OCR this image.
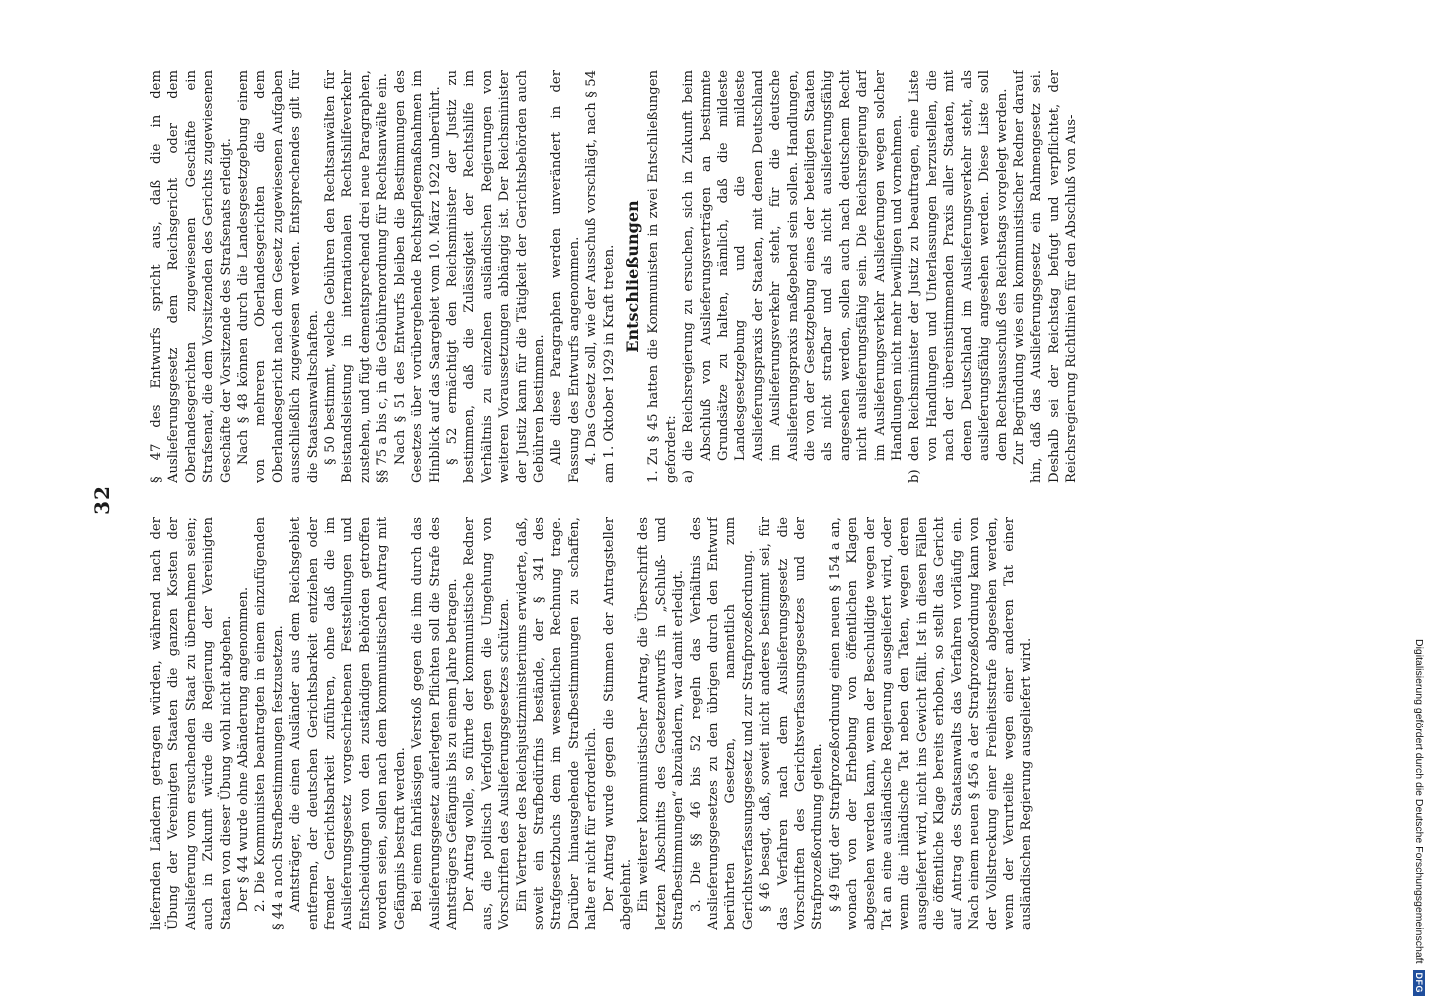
32

liefernden Ländern getragen würden, während nach der Übung der Vereinigten Staaten die ganzen Kosten der Auslieferung vom ersuchenden Staat zu übernehmen seien; auch in Zukunft würde die Regierung der Vereinigten Staaten von dieser Übung wohl nicht abgehen. Der § 44 wurde ohne Abänderung angenommen. 2. Die Kommunisten beantragten in einem einzufügenden § 44 a noch Strafbestimmungen festzusetzen. Amtsträger, die einen Ausländer aus dem Reichsgebiet entfernen, der deutschen Gerichtsbarkeit entziehen oder fremder Gerichtsbarkeit zuführen, ohne daß die im Auslieferungsgesetz vorgeschriebenen Feststellungen und Entscheidungen von den zuständigen Behörden getroffen worden seien, sollen nach dem kommunistischen Antrag mit Gefängnis bestraft werden. Bei einem fahrlässigen Verstoß gegen die ihm durch das Auslieferungsgesetz auferlegten Pflichten soll die Strafe des Amtsträgers Gefängnis bis zu einem Jahre betragen. Der Antrag wolle, so führte der kommunistische Redner aus, die politisch Verfolgten gegen die Umgehung von Vorschriften des Auslieferungsgesetzes schützen. Ein Vertreter des Reichsjustizministeriums erwiderte, daß, soweit ein Strafbedürfnis bestände, der § 341 des Strafgesetzbuchs dem im wesentlichen Rechnung trage. Darüber hinausgehende Strafbestimmungen zu schaffen, halte er nicht für erforderlich. Der Antrag wurde gegen die Stimmen der Antragsteller abgelehnt. Ein weiterer kommunistischer Antrag, die Überschrift des letzten Abschnitts des Gesetzentwurfs in „Schluß- und Strafbestimmungen“ abzuändern, war damit erledigt. 3. Die §§ 46 bis 52 regeln das Verhältnis des Auslieferungsgesetzes zu den übrigen durch den Entwurf berührten Gesetzen, namentlich zum Gerichtsverfassungsgesetz und zur Strafprozeßordnung. § 46 besagt, daß, soweit nicht anderes bestimmt sei, für das Verfahren nach dem Auslieferungsgesetz die Vorschriften des Gerichtsverfassungsgesetzes und der Strafprozeßordnung gelten. § 49 fügt der Strafprozeßordnung einen neuen § 154 a an, wonach von der Erhebung von öffentlichen Klagen abgesehen werden kann, wenn der Beschuldigte wegen der Tat an eine ausländische Regierung ausgeliefert wird, oder wenn die inländische Tat neben den Taten, wegen deren ausgeliefert wird, nicht ins Gewicht fällt. Ist in diesen Fällen die öffentliche Klage bereits erhoben, so stellt das Gericht auf Antrag des Staatsanwalts das Verfahren vorläufig ein. Nach einem neuen § 456 a der Strafprozeßordnung kann von der Vollstreckung einer Freiheitsstrafe abgesehen werden, wenn der Verurteilte wegen einer anderen Tat einer ausländischen Regierung ausgeliefert wird.

§ 47 des Entwurfs spricht aus, daß die in dem Auslieferungsgesetz dem Reichsgericht oder dem Oberlandesgerichten zugewiesenen Geschäfte ein Strafsenat, die dem Vorsitzenden des Gerichts zugewiesenen Geschäfte der Vorsitzende des Strafsenats erledigt. Nach § 48 können durch die Landesgesetzgebung einem von mehreren Oberlandesgerichten die dem Oberlandesgericht nach dem Gesetz zugewiesenen Aufgaben ausschließlich zugewiesen werden. Entsprechendes gilt für die Staatsanwaltschaften. § 50 bestimmt, welche Gebühren den Rechtsanwälten für Beistandsleistung in internationalen Rechtshilfeverkehr zustehen, und fügt dementsprechend drei neue Paragraphen, §§ 75 a bis c, in die Gebührenordnung für Rechtsanwälte ein. Nach § 51 des Entwurfs bleiben die Bestimmungen des Gesetzes über vorübergehende Rechtspflegemaßnahmen im Hinblick auf das Saargebiet vom 10. März 1922 unberührt. § 52 ermächtigt den Reichsminister der Justiz zu bestimmen, daß die Zulässigkeit der Rechtshilfe im Verhältnis zu einzelnen ausländischen Regierungen von weiteren Voraussetzungen abhängig ist. Der Reichsminister der Justiz kann für die Tätigkeit der Gerichtsbehörden auch Gebühren bestimmen. Alle diese Paragraphen werden unverändert in der Fassung des Entwurfs angenommen. 4. Das Gesetz soll, wie der Ausschuß vorschlägt, nach § 54 am 1. Oktober 1929 in Kraft treten. Entschließungen 1. Zu § 45 hatten die Kommunisten in zwei Entschließungen gefordert: a)
die Reichsregierung zu ersuchen, sich in Zukunft beim Abschluß von Auslieferungsverträgen an bestimmte Grundsätze zu halten, nämlich, daß die mildeste Landesgesetzgebung und die mildeste Auslieferungspraxis der Staaten, mit denen Deutschland im Auslieferungsverkehr steht, für die deutsche Auslieferungspraxis maßgebend sein sollen. Handlungen, die von der Gesetzgebung eines der beteiligten Staaten als nicht strafbar und als nicht auslieferungsfähig angesehen werden, sollen auch nach deutschem Recht nicht auslieferungsfähig sein. Die Reichsregierung darf im Auslieferungsverkehr Auslieferungen wegen solcher Handlungen nicht mehr bewilligen und vornehmen.
b)
den Reichsminister der Justiz zu beauftragen, eine Liste von Handlungen und Unterlassungen herzustellen, die nach der übereinstimmenden Praxis aller Staaten, mit denen Deutschland im Auslieferungsverkehr steht, als auslieferungsfähig angesehen werden. Diese Liste soll dem Rechtsausschuß des Reichstags vorgelegt werden. Zur Begründung wies ein kommunistischer Redner darauf hin, daß das Auslieferungsgesetz ein Rahmengesetz sei. Deshalb sei der Reichstag befugt und verpflichtet, der Reichsregierung Richtlinien für den Abschluß von Aus-

Digitalisierung gefördert durch die Deutsche Forschungsgemeinschaft
DFG
